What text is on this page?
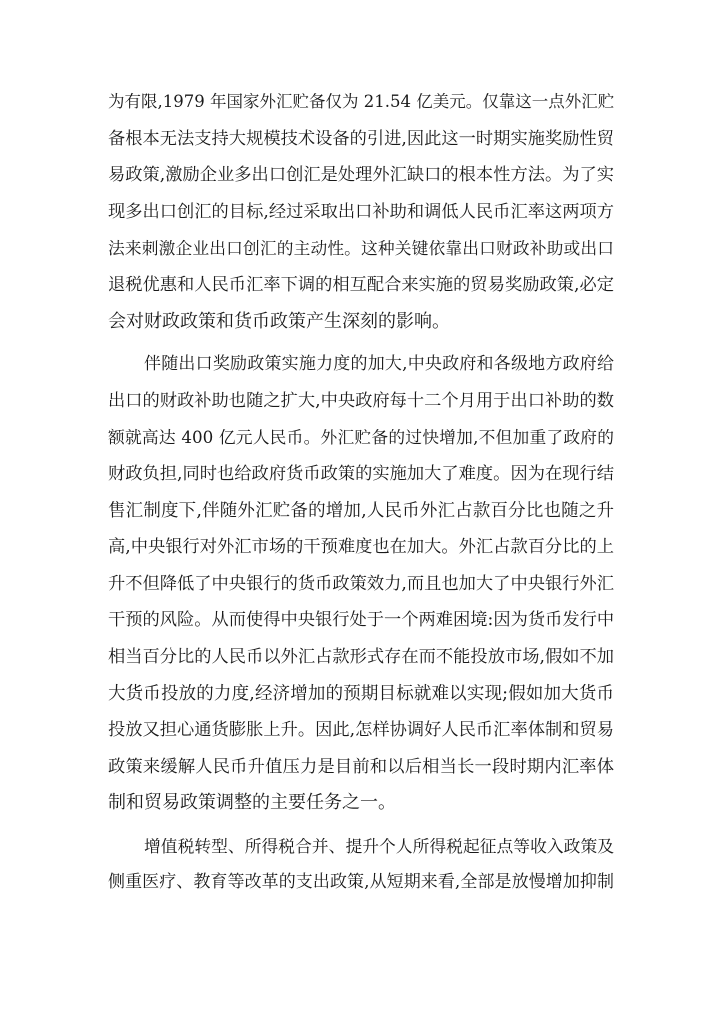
为有限,1979 年国家外汇贮备仅为 21.54 亿美元。仅靠这一点外汇贮
备根本无法支持大规模技术设备的引进,因此这一时期实施奖励性贸
易政策,激励企业多出口创汇是处理外汇缺口的根本性方法。为了实
现多出口创汇的目标,经过采取出口补助和调低人民币汇率这两项方
法来刺激企业出口创汇的主动性。这种关键依靠出口财政补助或出口
退税优惠和人民币汇率下调的相互配合来实施的贸易奖励政策,必定
会对财政政策和货币政策产生深刻的影响。
伴随出口奖励政策实施力度的加大,中央政府和各级地方政府给
出口的财政补助也随之扩大,中央政府每十二个月用于出口补助的数
额就高达 400 亿元人民币。外汇贮备的过快增加,不但加重了政府的
财政负担,同时也给政府货币政策的实施加大了难度。因为在现行结
售汇制度下,伴随外汇贮备的增加,人民币外汇占款百分比也随之升
高,中央银行对外汇市场的干预难度也在加大。外汇占款百分比的上
升不但降低了中央银行的货币政策效力,而且也加大了中央银行外汇
干预的风险。从而使得中央银行处于一个两难困境:因为货币发行中
相当百分比的人民币以外汇占款形式存在而不能投放市场,假如不加
大货币投放的力度,经济增加的预期目标就难以实现;假如加大货币
投放又担心通货膨胀上升。因此,怎样协调好人民币汇率体制和贸易
政策来缓解人民币升值压力是目前和以后相当长一段时期内汇率体
制和贸易政策调整的主要任务之一。
增值税转型、所得税合并、提升个人所得税起征点等收入政策及
侧重医疗、教育等改革的支出政策,从短期来看,全部是放慢增加抑制
